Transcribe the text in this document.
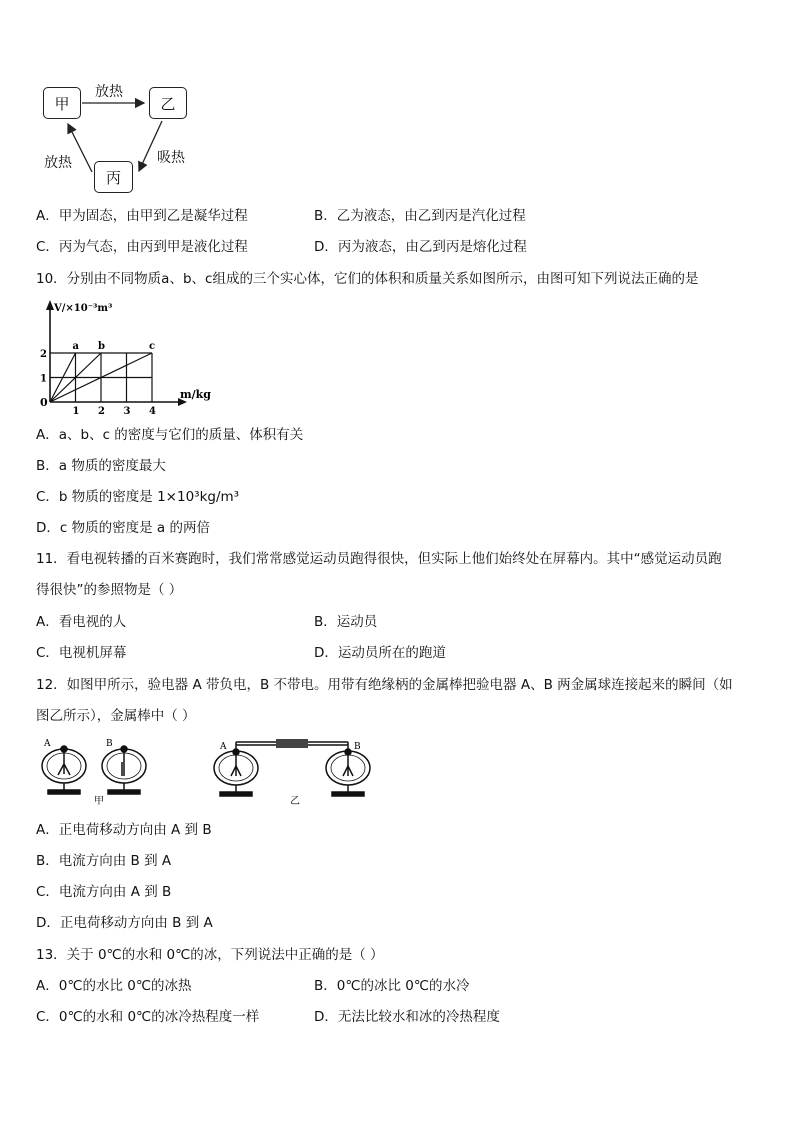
甲	乙
丙
放热
吸热
放热
A．甲为固态，由甲到乙是凝华过程	B．乙为液态，由乙到丙是汽化过程
C．丙为气态，由丙到甲是液化过程	D．丙为液态，由乙到丙是熔化过程
10．分别由不同物质a、b、c组成的三个实心体，它们的体积和质量关系如图所示，由图可知下列说法正确的是
a b	c
1 2 3 4
1
2
V/×10⁻³m³
m/kg
0
A．a、b、c 的密度与它们的质量、体积有关
B．a 物质的密度最大
C．b 物质的密度是 1×10³kg/m³
D．c 物质的密度是 a 的两倍
11．看电视转播的百米赛跑时，我们常常感觉运动员跑得很快，但实际上他们始终处在屏幕内。其中“感觉运动员跑
得很快”的参照物是（ ）
A．看电视的人	B．运动员
C．电视机屏幕	D．运动员所在的跑道
12．如图甲所示，验电器 A 带负电，B 不带电。用带有绝缘柄的金属棒把验电器 A、B 两金属球连接起来的瞬间（如
图乙所示），金属棒中（ ）
A	B
甲
A	B
乙
A．正电荷移动方向由 A 到 B
B．电流方向由 B 到 A
C．电流方向由 A 到 B
D．正电荷移动方向由 B 到 A
13．关于 0℃的水和 0℃的冰，下列说法中正确的是（ ）
A．0℃的水比 0℃的冰热	B．0℃的冰比 0℃的水冷
C．0℃的水和 0℃的冰冷热程度一样	D．无法比较水和冰的冷热程度
